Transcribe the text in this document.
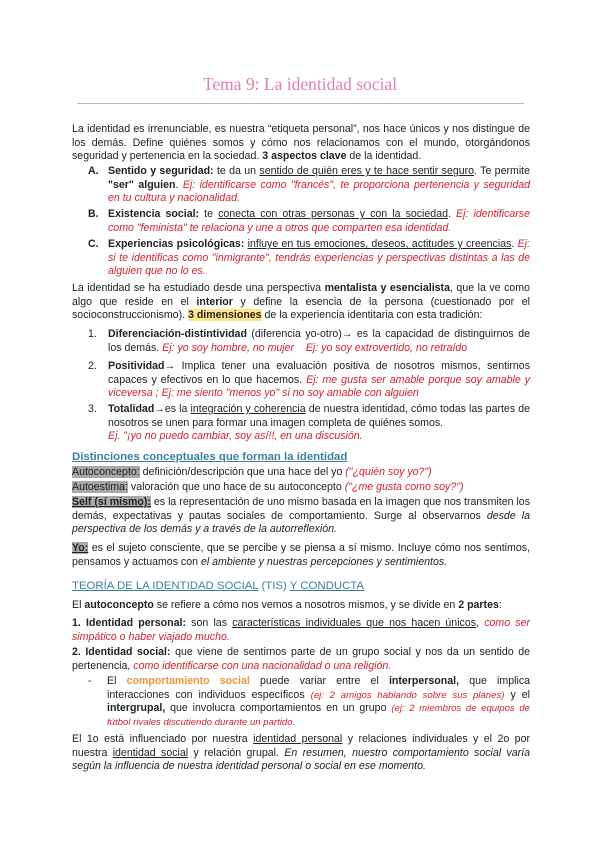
Tema 9: La identidad social
La identidad es irrenunciable, es nuestra “etiqueta personal”, nos hace únicos y nos distingue de los demás. Define quiénes somos y cómo nos relacionamos con el mundo, otorgándonos seguridad y pertenencia en la sociedad. 3 aspectos clave de la identidad.
A. Sentido y seguridad: te da un sentido de quién eres y te hace sentir seguro. Te permite "ser" alguien. Ej: identificarse como "francés", te proporciona pertenencia y seguridad en tu cultura y nacionalidad.
B. Existencia social: te conecta con otras personas y con la sociedad. Ej: identificarse como "feminista" te relaciona y une a otros que comparten esa identidad.
C. Experiencias psicológicas: influye en tus emociones, deseos, actitudes y creencias. Ej: si te identificas como "inmigrante", tendrás experiencias y perspectivas distintas a las de alguien que no lo es.
La identidad se ha estudiado desde una perspectiva mentalista y esencialista, que la ve como algo que reside en el interior y define la esencia de la persona (cuestionado por el socioconstruccionismo). 3 dimensiones de la experiencia identitaria con esta tradición:
1. Diferenciación-distintividad (diferencia yo-otro)→ es la capacidad de distinguirnos de los demás. Ej: yo soy hombre, no mujer Ej: yo soy extrovertido, no retraído
2. Positividad→ Implica tener una evaluación positiva de nosotros mismos, sentirnos capaces y efectivos en lo que hacemos. Ej: me gusta ser amable porque soy amable y viceversa ; Ej: me siento "menos yo" si no soy amable con alguien
3. Totalidad→es la integración y coherencia de nuestra identidad, cómo todas las partes de nosotros se unen para formar una imagen completa de quiénes somos.
Ej. "¡yo no puedo cambiar, soy así!!, en una discusión.
Distinciones conceptuales que forman la identidad
Autoconcepto: definición/descripción que una hace del yo ("¿quién soy yo?")
Autoestima: valoración que uno hace de su autoconcepto ("¿me gusta como soy?")
Self (sí mismo): es la representación de uno mismo basada en la imagen que nos transmiten los demás, expectativas y pautas sociales de comportamiento. Surge al observarnos desde la perspectiva de los demás y a través de la autorreflexión.
Yo: es el sujeto consciente, que se percibe y se piensa a sí mismo. Incluye cómo nos sentimos, pensamos y actuamos con el ambiente y nuestras percepciones y sentimientos.
TEORÍA DE LA IDENTIDAD SOCIAL (TIS) Y CONDUCTA
El autoconcepto se refiere a cómo nos vemos a nosotros mismos, y se divide en 2 partes:
1. Identidad personal: son las características individuales que nos hacen únicos, como ser simpático o haber viajado mucho.
2. Identidad social: que viene de sentirnos parte de un grupo social y nos da un sentido de pertenencia, como identificarse con una nacionalidad o una religión.
- El comportamiento social puede variar entre el interpersonal, que implica interacciones con individuos específicos (ej: 2 amigos hablando sobre sus planes) y el intergrupal, que involucra comportamientos en un grupo (ej: 2 miembros de equipos de fútbol rivales discutiendo durante un partido.
El 1o está influenciado por nuestra identidad personal y relaciones individuales y el 2o por nuestra identidad social y relación grupal. En resumen, nuestro comportamiento social varía según la influencia de nuestra identidad personal o social en ese momento.
